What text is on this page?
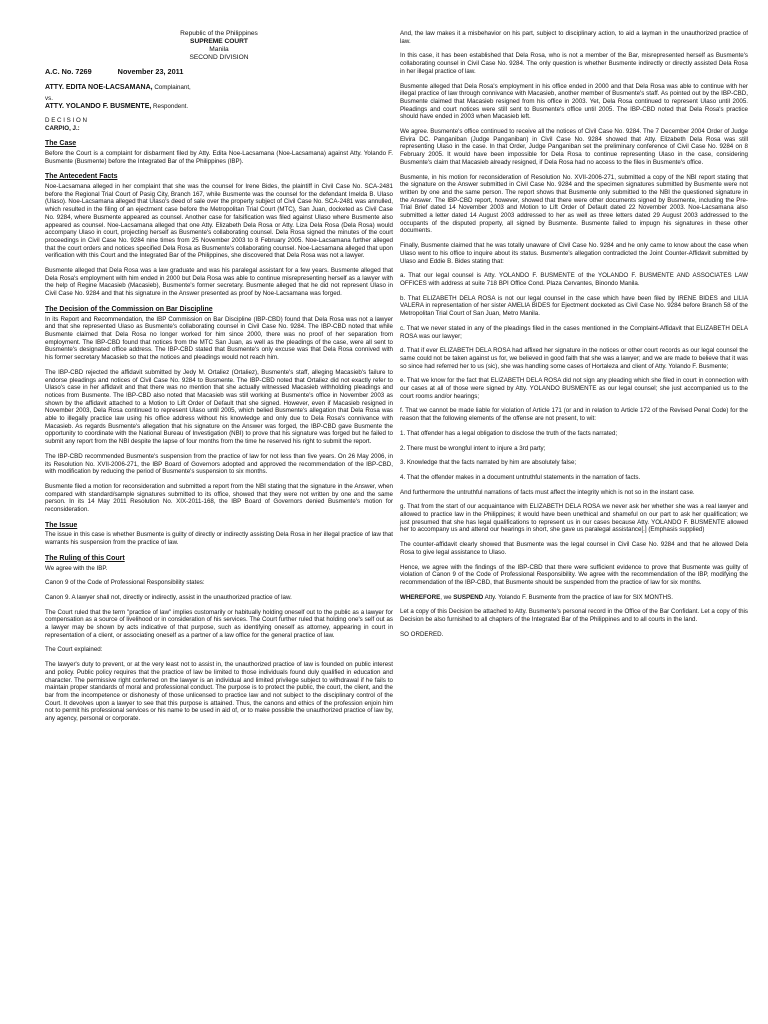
Republic of the Philippines
SUPREME COURT
Manila
SECOND DIVISION
A.C. No. 7269	November 23, 2011
ATTY. EDITA NOE-LACSAMANA, Complainant,
vs.
ATTY. YOLANDO F. BUSMENTE, Respondent.
D E C I S I O N
CARPIO, J.:
The Case

Before the Court is a complaint for disbarment filed by Atty. Edita Noe-Lacsamana (Noe-Lacsamana) against Atty. Yolando F. Busmente (Busmente) before the Integrated Bar of the Philippines (IBP).

The Antecedent Facts

Noe-Lacsamana alleged in her complaint that she was the counsel for Irene Bides, the plaintiff in Civil Case No. SCA-2481 before the Regional Trial Court of Pasig City, Branch 167, while Busmente was the counsel for the defendant Imelda B. Ulaso (Ulaso). Noe-Lacsamana alleged that Ulaso's deed of sale over the property subject of Civil Case No. SCA-2481 was annulled, which resulted in the filing of an ejectment case before the Metropolitan Trial Court (MTC), San Juan, docketed as Civil Case No. 9284, where Busmente appeared as counsel. Another case for falsification was filed against Ulaso where Busmente also appeared as counsel. Noe-Lacsamana alleged that one Atty. Elizabeth Dela Rosa or Atty. Liza Dela Rosa (Dela Rosa) would accompany Ulaso in court, projecting herself as Busmente's collaborating counsel. Dela Rosa signed the minutes of the court proceedings in Civil Case No. 9284 nine times from 25 November 2003 to 8 February 2005. Noe-Lacsamana further alleged that the court orders and notices specified Dela Rosa as Busmente's collaborating counsel. Noe-Lacsamana alleged that upon verification with this Court and the Integrated Bar of the Philippines, she discovered that Dela Rosa was not a lawyer.

Busmente alleged that Dela Rosa was a law graduate and was his paralegal assistant for a few years. Busmente alleged that Dela Rosa's employment with him ended in 2000 but Dela Rosa was able to continue misrepresenting herself as a lawyer with the help of Regine Macasieb (Macasieb), Busmente's former secretary. Busmente alleged that he did not represent Ulaso in Civil Case No. 9284 and that his signature in the Answer presented as proof by Noe-Lacsamana was forged.

The Decision of the Commission on Bar Discipline

In its Report and Recommendation, the IBP Commission on Bar Discipline (IBP-CBD) found that Dela Rosa was not a lawyer and that she represented Ulaso as Busmente's collaborating counsel in Civil Case No. 9284. The IBP-CBD noted that while Busmente claimed that Dela Rosa no longer worked for him since 2000, there was no proof of her separation from employment. The IBP-CBD found that notices from the MTC San Juan, as well as the pleadings of the case, were all sent to Busmente's designated office address. The IBP-CBD stated that Busmente's only excuse was that Dela Rosa connived with his former secretary Macasieb so that the notices and pleadings would not reach him.

The IBP-CBD rejected the affidavit submitted by Jedy M. Ortaliez (Ortaliez), Busmente's staff, alleging Macasieb's failure to endorse pleadings and notices of Civil Case No. 9284 to Busmente. The IBP-CBD noted that Ortaliez did not exactly refer to Ulaso's case in her affidavit and that there was no mention that she actually witnessed Macasieb withholding pleadings and notices from Busmente. The IBP-CBD also noted that Macasieb was still working at Busmente's office in November 2003 as shown by the affidavit attached to a Motion to Lift Order of Default that she signed. However, even if Macasieb resigned in November 2003, Dela Rosa continued to represent Ulaso until 2005, which belied Busmente's allegation that Dela Rosa was able to illegally practice law using his office address without his knowledge and only due to Dela Rosa's connivance with Macasieb. As regards Busmente's allegation that his signature on the Answer was forged, the IBP-CBD gave Busmente the opportunity to coordinate with the National Bureau of Investigation (NBI) to prove that his signature was forged but he failed to submit any report from the NBI despite the lapse of four months from the time he reserved his right to submit the report.

The IBP-CBD recommended Busmente's suspension from the practice of law for not less than five years. On 26 May 2006, in its Resolution No. XVII-2006-271, the IBP Board of Governors adopted and approved the recommendation of the IBP-CBD, with modification by reducing the period of Busmente's suspension to six months.

Busmente filed a motion for reconsideration and submitted a report from the NBI stating that the signature in the Answer, when compared with standard/sample signatures submitted to its office, showed that they were not written by one and the same person. In its 14 May 2011 Resolution No. XIX-2011-168, the IBP Board of Governors denied Busmente's motion for reconsideration.

The Issue

The issue in this case is whether Busmente is guilty of directly or indirectly assisting Dela Rosa in her illegal practice of law that warrants his suspension from the practice of law.

The Ruling of this Court

We agree with the IBP.

Canon 9 of the Code of Professional Responsibility states:

Canon 9. A lawyer shall not, directly or indirectly, assist in the unauthorized practice of law.

The Court ruled that the term "practice of law" implies customarily or habitually holding oneself out to the public as a lawyer for compensation as a source of livelihood or in consideration of his services. The Court further ruled that holding one's self out as a lawyer may be shown by acts indicative of that purpose, such as identifying oneself as attorney, appearing in court in representation of a client, or associating oneself as a partner of a law office for the general practice of law.

The Court explained:

The lawyer's duty to prevent, or at the very least not to assist in, the unauthorized practice of law is founded on public interest and policy. Public policy requires that the practice of law be limited to those individuals found duly qualified in education and character. The permissive right conferred on the lawyer is an individual and limited privilege subject to withdrawal if he fails to maintain proper standards of moral and professional conduct. The purpose is to protect the public, the court, the client, and the bar from the incompetence or dishonesty of those unlicensed to practice law and not subject to the disciplinary control of the Court. It devolves upon a lawyer to see that this purpose is attained. Thus, the canons and ethics of the profession enjoin him not to permit his professional services or his name to be used in aid of, or to make possible the unauthorized practice of law by, any agency, personal or corporate.

And, the law makes it a misbehavior on his part, subject to disciplinary action, to aid a layman in the unauthorized practice of law.

In this case, it has been established that Dela Rosa, who is not a member of the Bar, misrepresented herself as Busmente's collaborating counsel in Civil Case No. 9284. The only question is whether Busmente indirectly or directly assisted Dela Rosa in her illegal practice of law.

Busmente alleged that Dela Rosa's employment in his office ended in 2000 and that Dela Rosa was able to continue with her illegal practice of law through connivance with Macasieb, another member of Busmente's staff. As pointed out by the IBP-CBD, Busmente claimed that Macasieb resigned from his office in 2003. Yet, Dela Rosa continued to represent Ulaso until 2005. Pleadings and court notices were still sent to Busmente's office until 2005. The IBP-CBD noted that Dela Rosa's practice should have ended in 2003 when Macasieb left.

We agree. Busmente's office continued to receive all the notices of Civil Case No. 9284. The 7 December 2004 Order of Judge Elvira DC. Panganiban (Judge Panganiban) in Civil Case No. 9284 showed that Atty. Elizabeth Dela Rosa was still representing Ulaso in the case. In that Order, Judge Panganiban set the preliminary conference of Civil Case No. 9284 on 8 February 2005. It would have been impossible for Dela Rosa to continue representing Ulaso in the case, considering Busmente's claim that Macasieb already resigned, if Dela Rosa had no access to the files in Busmente's office.

Busmente, in his motion for reconsideration of Resolution No. XVII-2006-271, submitted a copy of the NBI report stating that the signature on the Answer submitted in Civil Case No. 9284 and the specimen signatures submitted by Busmente were not written by one and the same person. The report shows that Busmente only submitted to the NBI the questioned signature in the Answer. The IBP-CBD report, however, showed that there were other documents signed by Busmente, including the Pre-Trial Brief dated 14 November 2003 and Motion to Lift Order of Default dated 22 November 2003. Noe-Lacsamana also submitted a letter dated 14 August 2003 addressed to her as well as three letters dated 29 August 2003 addressed to the occupants of the disputed property, all signed by Busmente. Busmente failed to impugn his signatures in these other documents.

Finally, Busmente claimed that he was totally unaware of Civil Case No. 9284 and he only came to know about the case when Ulaso went to his office to inquire about its status. Busmente's allegation contradicted the Joint Counter-Affidavit submitted by Ulaso and Eddie B. Bides stating that:

a. That our legal counsel is Atty. YOLANDO F. BUSMENTE of the YOLANDO F. BUSMENTE AND ASSOCIATES LAW OFFICES with address at suite 718 BPI Office Cond. Plaza Cervantes, Binondo Manila.

b. That ELIZABETH DELA ROSA is not our legal counsel in the case which have been filed by IRENE BIDES and LILIA VALERA in representation of her sister AMELIA BIDES for Ejectment docketed as Civil Case No. 9284 before Branch 58 of the Metropolitan Trial Court of San Juan, Metro Manila.

c. That we never stated in any of the pleadings filed in the cases mentioned in the Complaint-Affidavit that ELIZABETH DELA ROSA was our lawyer;

d. That if ever ELIZABETH DELA ROSA had affixed her signature in the notices or other court records as our legal counsel the same could not be taken against us for, we believed in good faith that she was a lawyer; and we are made to believe that it was so since had referred her to us (sic), she was handling some cases of Hortaleza and client of Atty. Yolando F. Busmente;

e. That we know for the fact that ELIZABETH DELA ROSA did not sign any pleading which she filed in court in connection with our cases at all of those were signed by Atty. YOLANDO BUSMENTE as our legal counsel; she just accompanied us to the court rooms and/or hearings;

f. That we cannot be made liable for violation of Article 171 (or and in relation to Article 172 of the Revised Penal Code) for the reason that the following elements of the offense are not present, to wit:

1. That offender has a legal obligation to disclose the truth of the facts narrated;

2. There must be wrongful intent to injure a 3rd party;

3. Knowledge that the facts narrated by him are absolutely false;

4. That the offender makes in a document untruthful statements in the narration of facts.

And furthermore the untruthful narrations of facts must affect the integrity which is not so in the instant case.

g. That from the start of our acquaintance with ELIZABETH DELA ROSA we never ask her whether she was a real lawyer and allowed to practice law in the Philippines; it would have been unethical and shameful on our part to ask her qualification; we just presumed that she has legal qualifications to represent us in our cases because Atty. YOLANDO F. BUSMENTE allowed her to accompany us and attend our hearings in short, she gave us paralegal assistance[.] (Emphasis supplied)

The counter-affidavit clearly showed that Busmente was the legal counsel in Civil Case No. 9284 and that he allowed Dela Rosa to give legal assistance to Ulaso.

Hence, we agree with the findings of the IBP-CBD that there were sufficient evidence to prove that Busmente was guilty of violation of Canon 9 of the Code of Professional Responsibility. We agree with the recommendation of the IBP, modifying the recommendation of the IBP-CBD, that Busmente should be suspended from the practice of law for six months.

WHEREFORE, we SUSPEND Atty. Yolando F. Busmente from the practice of law for SIX MONTHS.

Let a copy of this Decision be attached to Atty. Busmente's personal record in the Office of the Bar Confidant. Let a copy of this Decision be also furnished to all chapters of the Integrated Bar of the Philippines and to all courts in the land.

SO ORDERED.
